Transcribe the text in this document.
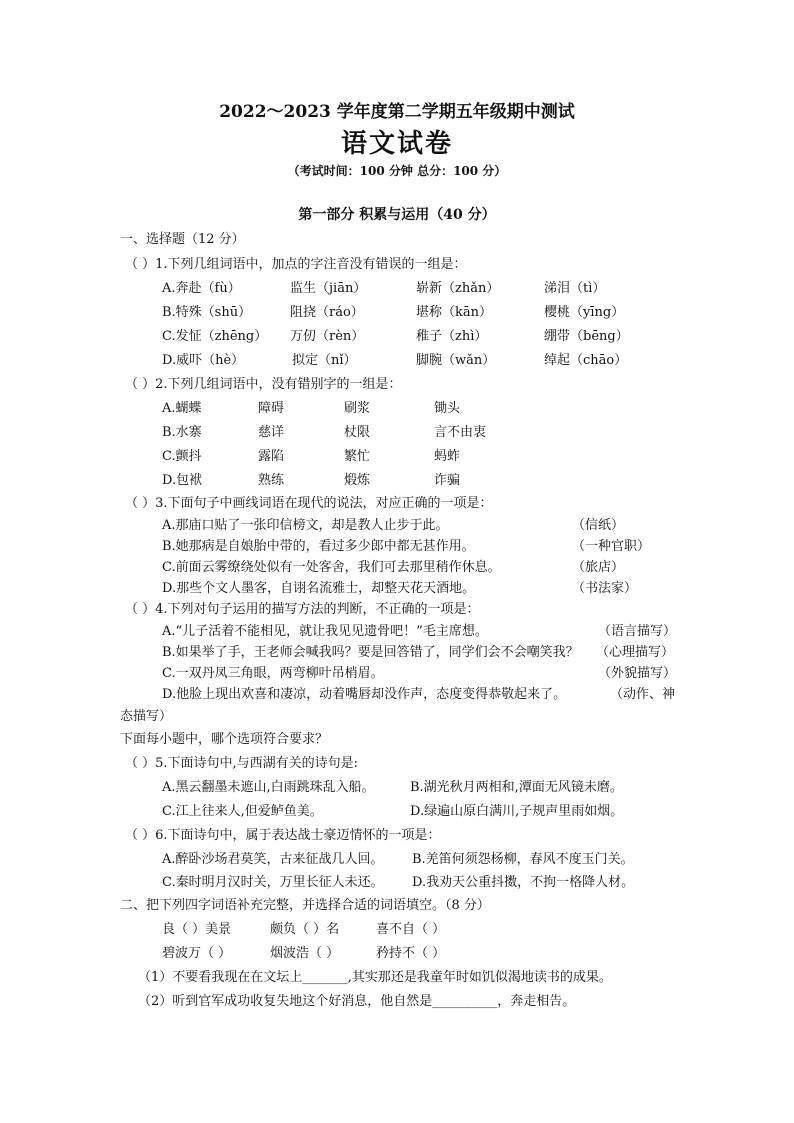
2022～2023 学年度第二学期五年级期中测试
语文试卷
（考试时间：100 分钟 总分：100 分）
第一部分 积累与运用（40 分）
一、选择题（12 分）
（ ）1.下列几组词语中，加点的字注音没有错误的一组是：
A.奔赴（fù）	监生（jiān）	崭新（zhǎn）	涕泪（tì）
B.特殊（shū）	阻挠（ráo）	堪称（kān）	樱桃（yīng）
C.发怔（zhēng） 万仞（rèn）	稚子（zhì）	绷带（bēng）
D.威吓（hè）	拟定（nǐ）	脚腕（wǎn）	绰起（chāo）
（ ）2.下列几组词语中，没有错别字的一组是：
A.蝴蝶	障碍	刷浆	锄头
B.水寨	慈详	杖限	言不由衷
C.颤抖	露陷	繁忙	蚂蚱
D.包袱	熟练	煅炼	诈骗
（ ）3.下面句子中画线词语在现代的说法，对应正确的一项是：
A.那庙口贴了一张印信榜文，却是教人止步于此。	（信纸）
B.她那病是自娘胎中带的，看过多少郎中都无甚作用。	（一种官职）
C.前面云雾缭绕处似有一处客舍，我们可去那里稍作休息。	（旅店）
D.那些个文人墨客，自诩名流雅士，却整天花天酒地。	（书法家）
（ ）4.下列对句子运用的描写方法的判断，不正确的一项是：
A.“儿子活着不能相见，就让我见见遗骨吧！”毛主席想。	（语言描写）
B.如果举了手，王老师会喊我吗？要是回答错了，同学们会不会嘲笑我？ （心理描写）
C.一双丹凤三角眼，两弯柳叶吊梢眉。	（外貌描写）
D.他脸上现出欢喜和凄凉，动着嘴唇却没作声，态度变得恭敬起来了。	（动作、神
态描写）
下面每小题中，哪个选项符合要求？
（ ）5.下面诗句中,与西湖有关的诗句是:
A.黑云翻墨未遮山,白雨跳珠乱入船。	B.湖光秋月两相和,潭面无风镜未磨。
C.江上往来人,但爱鲈鱼美。	D.绿遍山原白满川,子规声里雨如烟。
（ ）6.下面诗句中，属于表达战士豪迈情怀的一项是：
A.醉卧沙场君莫笑，古来征战几人回。 B.羌笛何须怨杨柳，春风不度玉门关。
C.秦时明月汉时关，万里长征人未还。 D.我劝天公重抖擞，不拘一格降人材。
二、把下列四字词语补充完整，并选择合适的词语填空。（8 分）
良（ ）美景	颇负（ ）名	喜不自（ ）
碧波万（ ）	烟波浩（ ）	矜持不（ ）
（1）不要看我现在在文坛上_______,其实那还是我童年时如饥似渴地读书的成果。
（2）听到官军成功收复失地这个好消息，他自然是__________，奔走相告。
